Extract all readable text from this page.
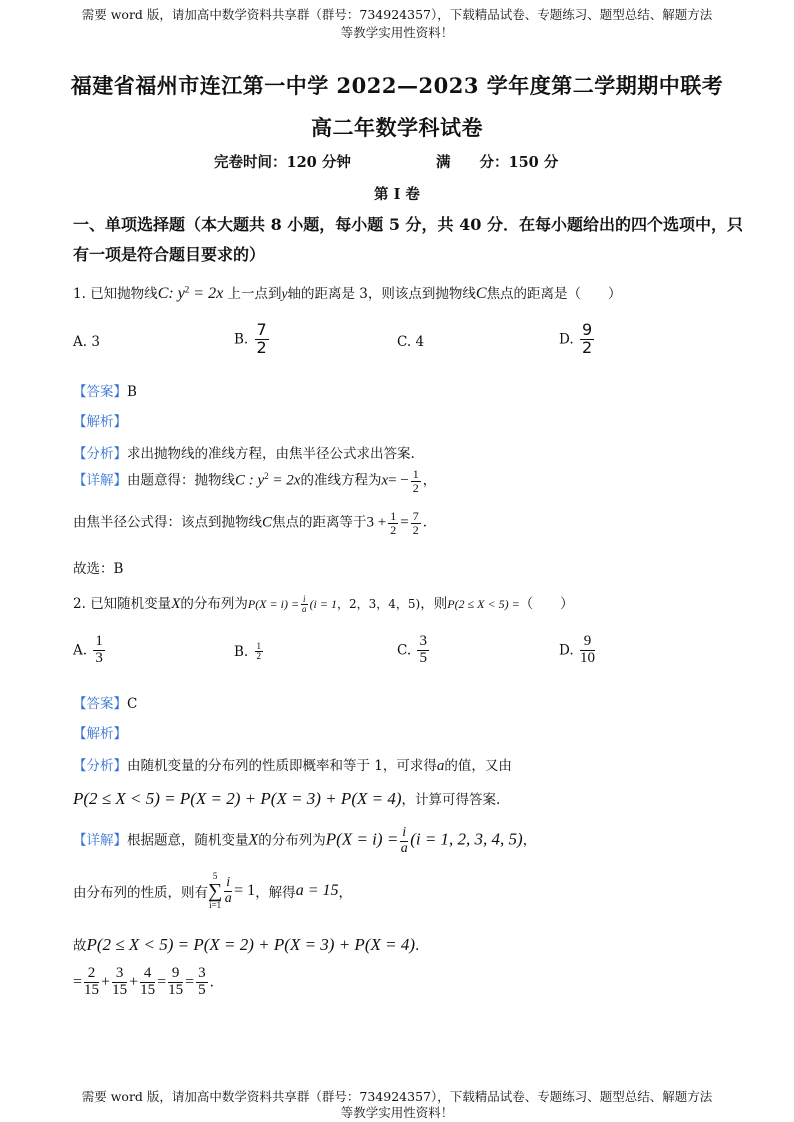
需要 word 版，请加高中数学资料共享群（群号：734924357），下载精品试卷、专题练习、题型总结、解题方法
等教学实用性资料！
福建省福州市连江第一中学 2022—2023 学年度第二学期期中联考
高二年数学科试卷
完卷时间：120 分钟	满　　分：150 分
第 I 卷
一、单项选择题（本大题共 8 小题，每小题 5 分，共 40 分．在每小题给出的四个选项中，只
有一项是符合题目要求的）
1. 已知抛物线C: $y^2 = 2x$ 上一点到y轴的距离是 3，则该点到抛物线C焦点的距离是（　　）
A. 3	B. $\frac{7}{2}$	C. 4	D. $\frac{9}{2}$
【答案】B
【解析】
【分析】求出抛物线的准线方程，由焦半径公式求出答案.
【详解】由题意得：抛物线C : $y^2 = 2x$的准线方程为$x= - \frac{1}{2}$ ，
由焦半径公式得：该点到抛物线C焦点的距离等于$3 + \frac{1}{2} = \frac{7}{2}$ .
故选：B
2. 已知随机变量X的分布列为$P(X = i) = \frac{i}{a} (i = 1$，2，3，4，5)，则P(2 ≤ X < 5) =（　　）
A. $\frac{1}{3}$	B. $\frac{1}{2}$	C. $\frac{3}{5}$	D. $\frac{9}{10}$
【答案】C
【解析】
【分析】由随机变量的分布列的性质即概率和等于 1，可求得a的值，又由
P(2 ≤ X < 5) = P(X = 2) + P(X = 3) + P(X = 4)，计算可得答案.
【详解】根据题意，随机变量X的分布列为$P(X = i) = \frac{i}{a} (i = 1$, 2, 3, 4, 5)，
由分布列的性质，则有
5
∑
$i=1 \frac{i}{a} = 1$，解得a = 15，
故P(2 ≤ X < 5) = P(X = 2) + P(X = 3) + P(X = 4).
= $\frac{2}{15} + \frac{3}{15} + \frac{4}{15} = \frac{9}{15} = \frac{3}{5}$ .
需要 word 版，请加高中数学资料共享群（群号：734924357），下载精品试卷、专题练习、题型总结、解题方法
等教学实用性资料！
